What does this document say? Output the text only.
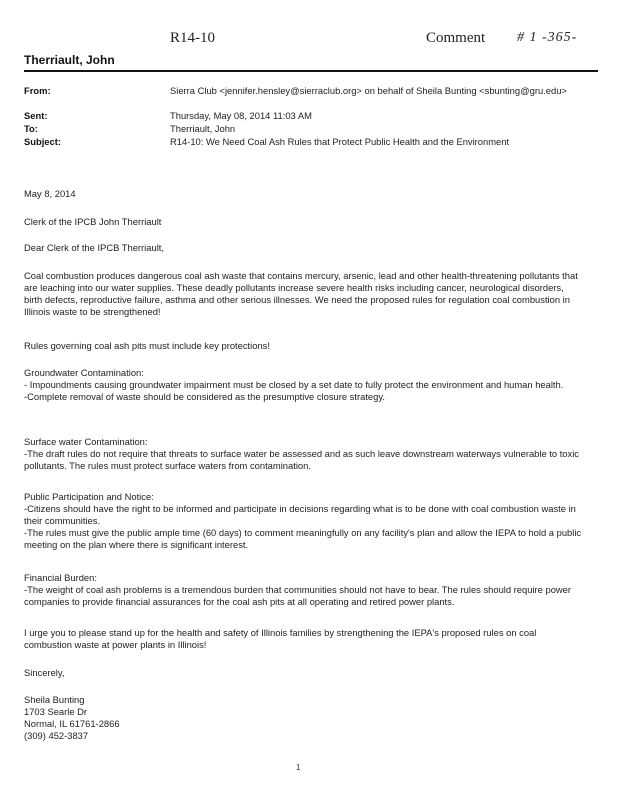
R14-10	Comment # 1 -365-
Therriault, John
From:	Sierra Club <jennifer.hensley@sierraclub.org> on behalf of Sheila Bunting <sbunting@gru.edu>
Sent:	Thursday, May 08, 2014 11:03 AM
To:	Therriault, John
Subject:	R14-10: We Need Coal Ash Rules that Protect Public Health and the Environment

May 8, 2014

Clerk of the IPCB John Therriault

Dear Clerk of the IPCB Therriault,

Coal combustion produces dangerous coal ash waste that contains mercury, arsenic, lead and other health-threatening pollutants that are leaching into our water supplies. These deadly pollutants increase severe health risks including cancer, neurological disorders, birth defects, reproductive failure, asthma and other serious illnesses. We need the proposed rules for regulation coal combustion in Illinois waste to be strengthened!

Rules governing coal ash pits must include key protections!

Groundwater Contamination:

- Impoundments causing groundwater impairment must be closed by a set date to fully protect the environment and human health.

-Complete removal of waste should be considered as the presumptive closure strategy.

Surface water Contamination:

-The draft rules do not require that threats to surface water be assessed and as such leave downstream waterways vulnerable to toxic pollutants. The rules must protect surface waters from contamination.

Public Participation and Notice:

-Citizens should have the right to be informed and participate in decisions regarding what is to be done with coal combustion waste in their communities.

-The rules must give the public ample time (60 days) to comment meaningfully on any facility's plan and allow the IEPA to hold a public meeting on the plan where there is significant interest.

Financial Burden:

-The weight of coal ash problems is a tremendous burden that communities should not have to bear. The rules should require power companies to provide financial assurances for the coal ash pits at all operating and retired power plants.

I urge you to please stand up for the health and safety of Illinois families by strengthening the IEPA's proposed rules on coal combustion waste at power plants in Illinois!

Sincerely,

Sheila Bunting

1703 Searle Dr

Normal, IL 61761-2866

(309) 452-3837

1
